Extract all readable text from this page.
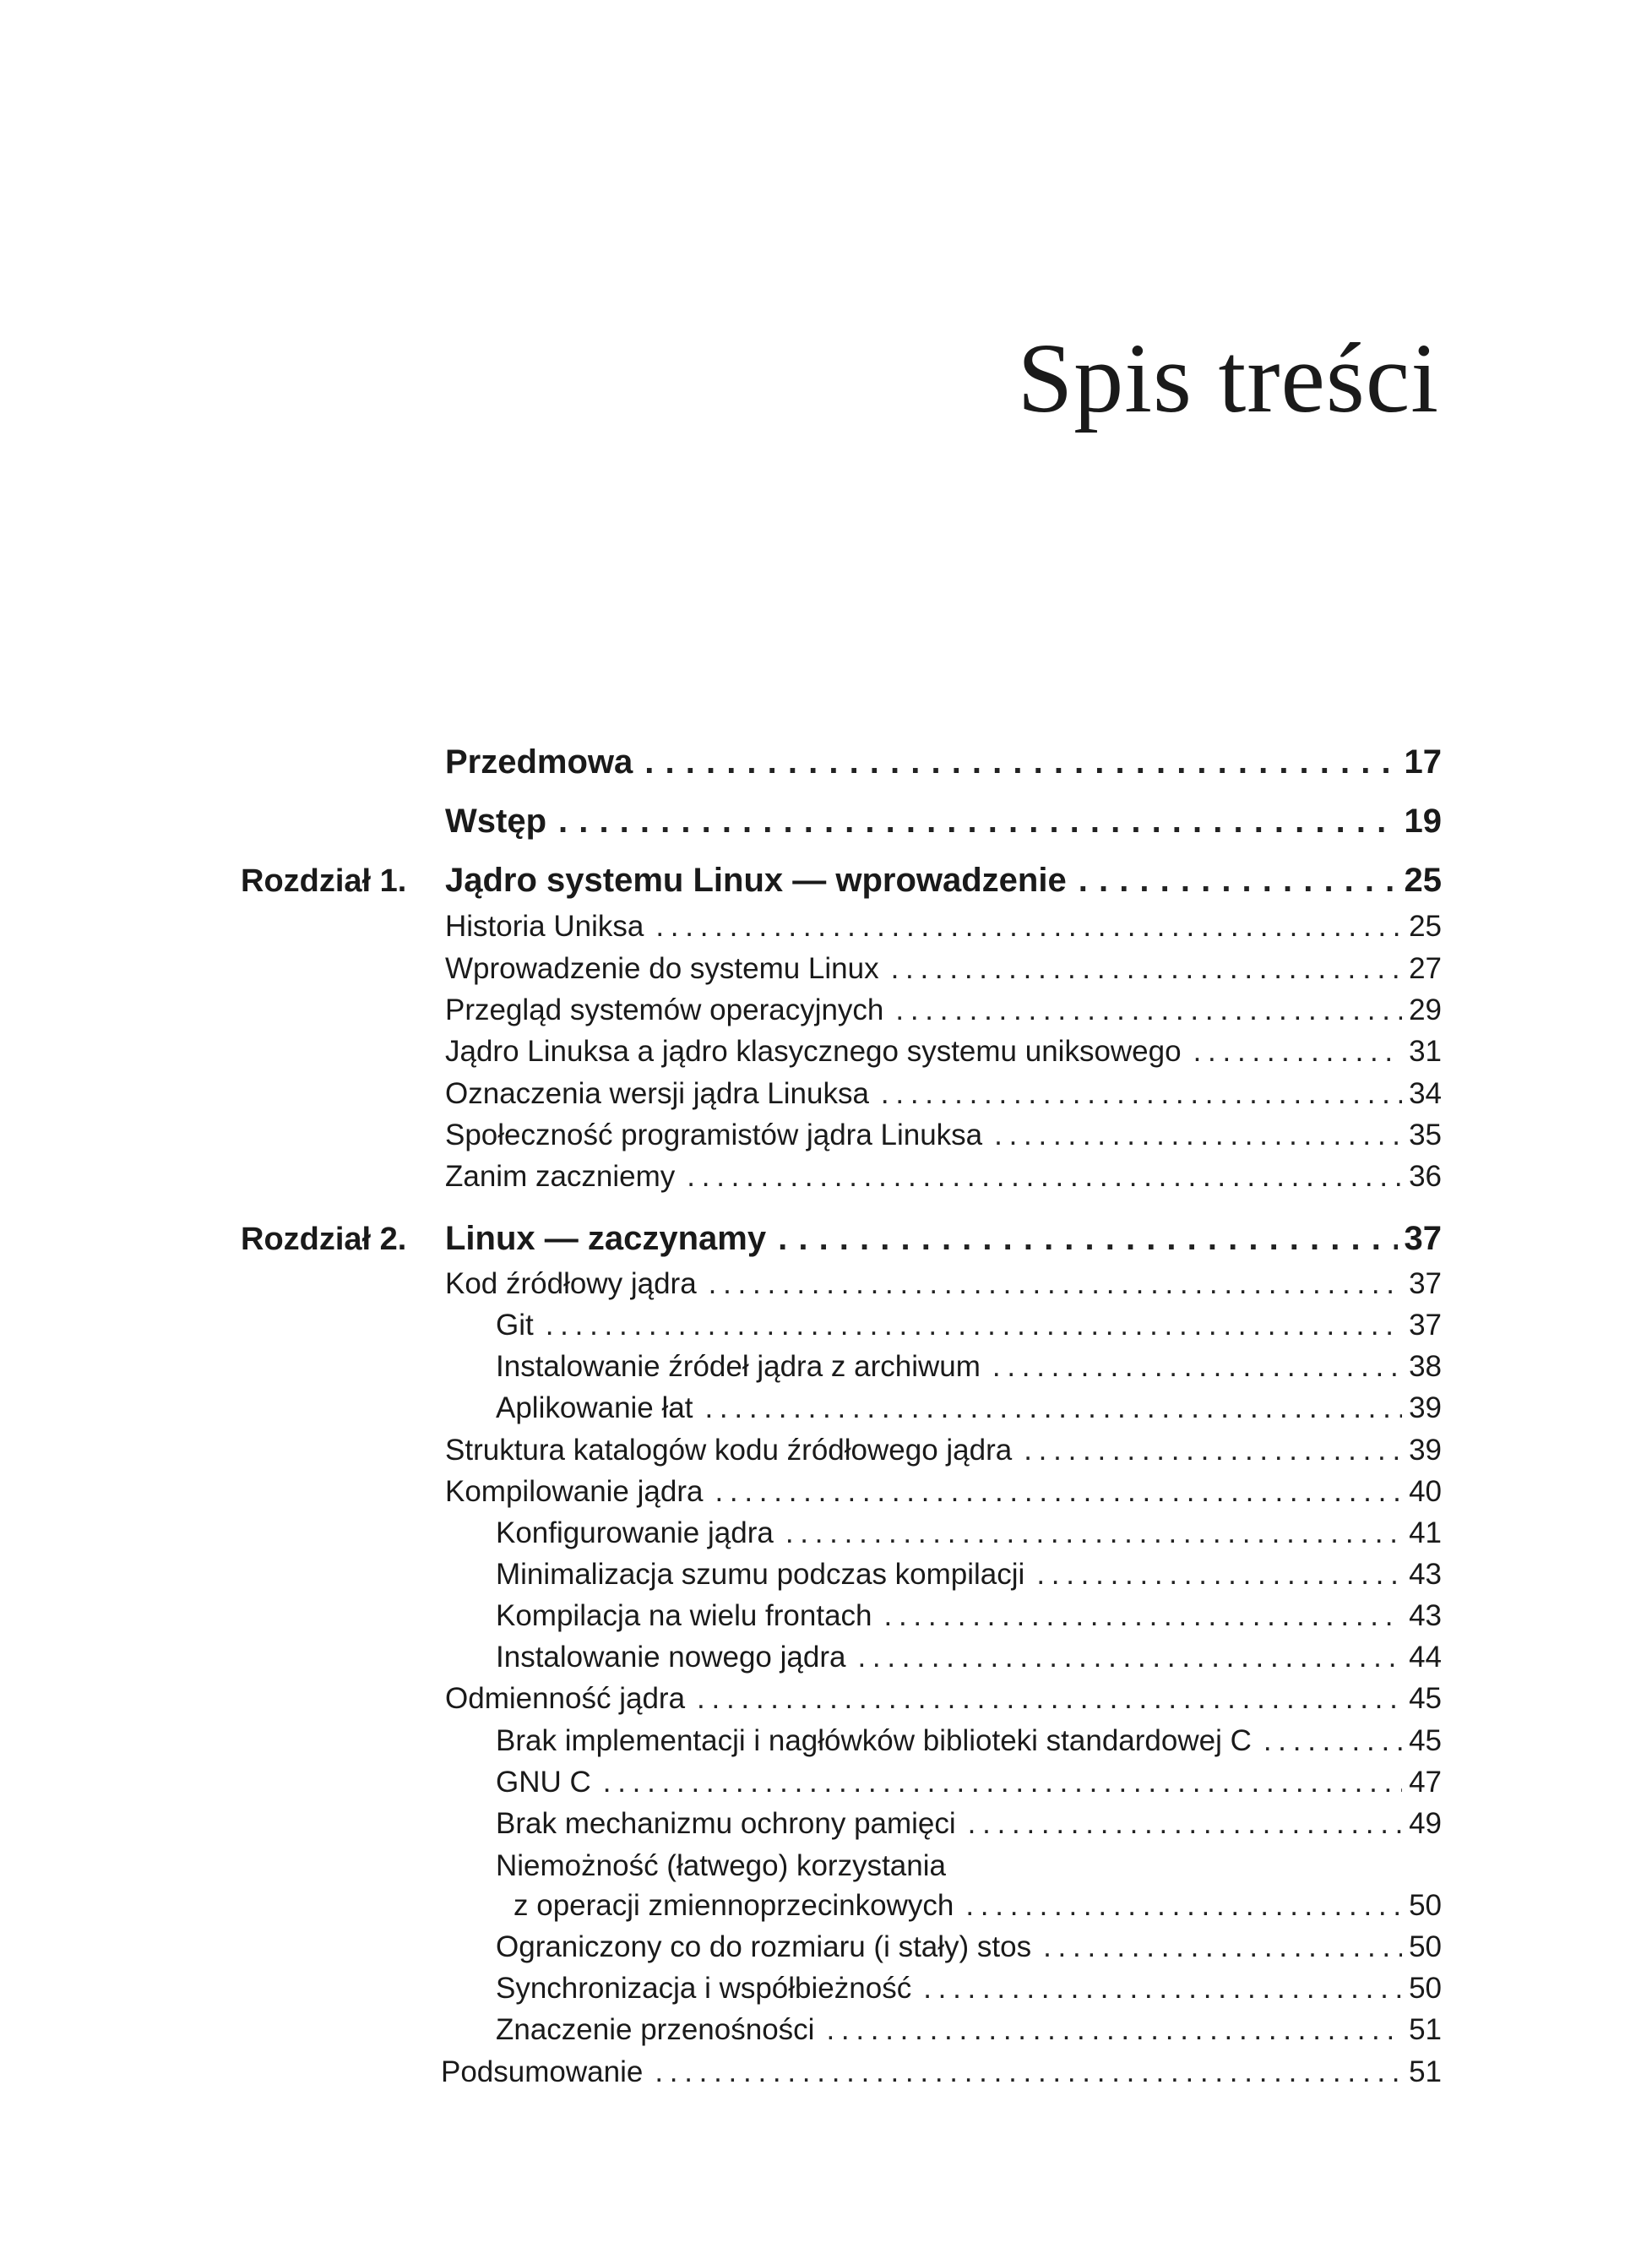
Spis treści
Przedmowa . . .	17
Wstęp . . .	19
Rozdział 1. Jądro systemu Linux — wprowadzenie . . .	25
Historia Uniksa . . .	25
Wprowadzenie do systemu Linux . . .	27
Przegląd systemów operacyjnych . . .	29
Jądro Linuksa a jądro klasycznego systemu uniksowego . . .	31
Oznaczenia wersji jądra Linuksa . . .	34
Społeczność programistów jądra Linuksa . . .	35
Zanim zaczniemy . . .	36
Rozdział 2. Linux — zaczynamy . . .	37
Kod źródłowy jądra . . .	37
Git . . .	37
Instalowanie źródeł jądra z archiwum . . .	38
Aplikowanie łat . . .	39
Struktura katalogów kodu źródłowego jądra . . .	39
Kompilowanie jądra . . .	40
Konfigurowanie jądra . . .	41
Minimalizacja szumu podczas kompilacji . . .	43
Kompilacja na wielu frontach . . .	43
Instalowanie nowego jądra . . .	44
Odmienność jądra . . .	45
Brak implementacji i nagłówków biblioteki standardowej C . . .	45
GNU C . . .	47
Brak mechanizmu ochrony pamięci . . .	49
Niemożność (łatwego) korzystania
z operacji zmiennoprzecinkowych . . .	50
Ograniczony co do rozmiaru (i stały) stos . . .	50
Synchronizacja i współbieżność . . .	50
Znaczenie przenośności . . .	51
Podsumowanie . . .	51
